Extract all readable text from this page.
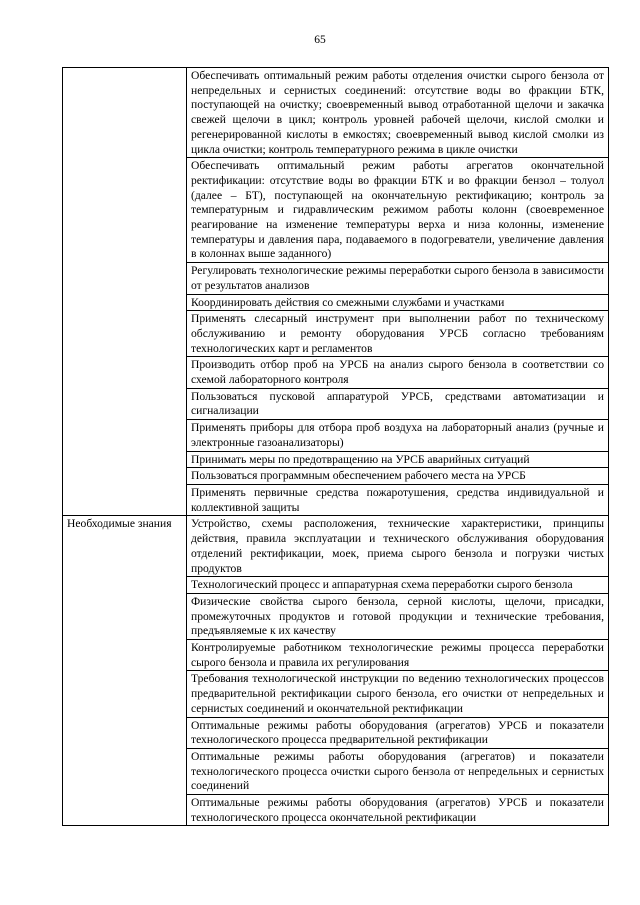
65
	Обеспечивать оптимальный режим работы отделения очистки сырого бензола от непредельных и сернистых соединений: отсутствие воды во фракции БТК, поступающей на очистку; своевременный вывод отработанной щелочи и закачка свежей щелочи в цикл; контроль уровней рабочей щелочи, кислой смолки и регенерированной кислоты в емкостях; своевременный вывод кислой смолки из цикла очистки; контроль температурного режима в цикле очистки
	Обеспечивать оптимальный режим работы агрегатов окончательной ректификации: отсутствие воды во фракции БТК и во фракции бензол – толуол (далее – БТ), поступающей на окончательную ректификацию; контроль за температурным и гидравлическим режимом работы колонн (своевременное реагирование на изменение температуры верха и низа колонны, изменение температуры и давления пара, подаваемого в подогреватели, увеличение давления в колоннах выше заданного)
	Регулировать технологические режимы переработки сырого бензола в зависимости от результатов анализов
	Координировать действия со смежными службами и участками
	Применять слесарный инструмент при выполнении работ по техническому обслуживанию и ремонту оборудования УРСБ согласно требованиям технологических карт и регламентов
	Производить отбор проб на УРСБ на анализ сырого бензола в соответствии со схемой лабораторного контроля
	Пользоваться пусковой аппаратурой УРСБ, средствами автоматизации и сигнализации
	Применять приборы для отбора проб воздуха на лабораторный анализ (ручные и электронные газоанализаторы)
	Принимать меры по предотвращению на УРСБ аварийных ситуаций
	Пользоваться программным обеспечением рабочего места на УРСБ
	Применять первичные средства пожаротушения, средства индивидуальной и коллективной защиты
Необходимые знания	Устройство, схемы расположения, технические характеристики, принципы действия, правила эксплуатации и технического обслуживания оборудования отделений ректификации, моек, приема сырого бензола и погрузки чистых продуктов
	Технологический процесс и аппаратурная схема переработки сырого бензола
	Физические свойства сырого бензола, серной кислоты, щелочи, присадки, промежуточных продуктов и готовой продукции и технические требования, предъявляемые к их качеству
	Контролируемые работником технологические режимы процесса переработки сырого бензола и правила их регулирования
	Требования технологической инструкции по ведению технологических процессов предварительной ректификации сырого бензола, его очистки от непредельных и сернистых соединений и окончательной ректификации
	Оптимальные режимы работы оборудования (агрегатов) УРСБ и показатели технологического процесса предварительной ректификации
	Оптимальные режимы работы оборудования (агрегатов) и показатели технологического процесса очистки сырого бензола от непредельных и сернистых соединений
	Оптимальные режимы работы оборудования (агрегатов) УРСБ и показатели технологического процесса окончательной ректификации
